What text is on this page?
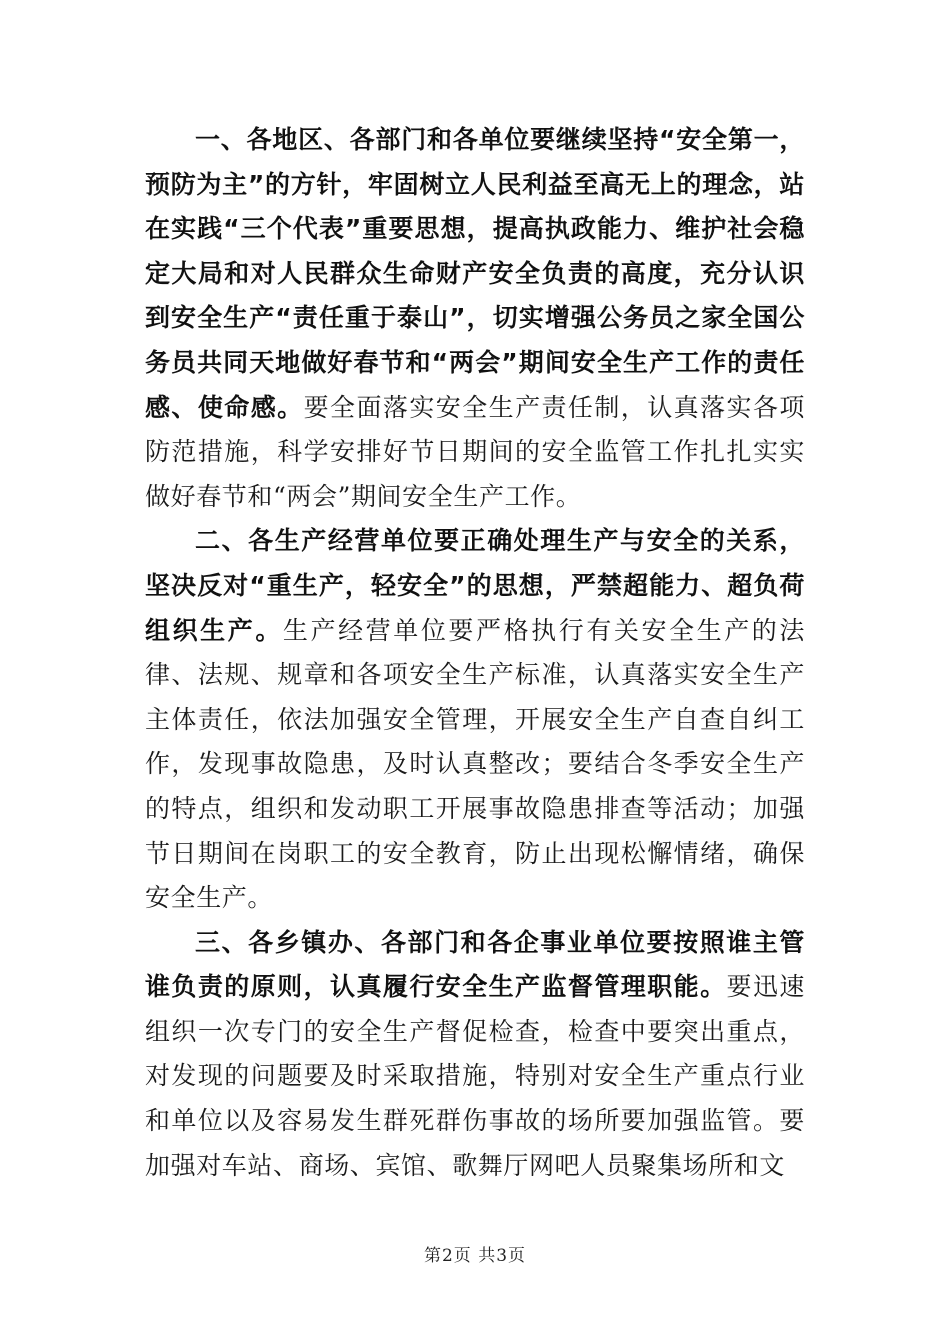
一、各地区、各部门和各单位要继续坚持“安全第一，预防为主”的方针，牢固树立人民利益至高无上的理念，站在实践“三个代表”重要思想，提高执政能力、维护社会稳定大局和对人民群众生命财产安全负责的高度，充分认识到安全生产“责任重于泰山”，切实增强公务员之家全国公务员共同天地做好春节和“两会”期间安全生产工作的责任感、使命感。要全面落实安全生产责任制，认真落实各项防范措施，科学安排好节日期间的安全监管工作扎扎实实做好春节和“两会”期间安全生产工作。

二、各生产经营单位要正确处理生产与安全的关系，坚决反对“重生产，轻安全”的思想，严禁超能力、超负荷组织生产。生产经营单位要严格执行有关安全生产的法律、法规、规章和各项安全生产标准，认真落实安全生产主体责任，依法加强安全管理，开展安全生产自查自纠工作，发现事故隐患，及时认真整改；要结合冬季安全生产的特点，组织和发动职工开展事故隐患排查等活动；加强节日期间在岗职工的安全教育，防止出现松懈情绪，确保安全生产。

三、各乡镇办、各部门和各企事业单位要按照谁主管谁负责的原则，认真履行安全生产监督管理职能。要迅速组织一次专门的安全生产督促检查，检查中要突出重点，对发现的问题要及时采取措施，特别对安全生产重点行业和单位以及容易发生群死群伤事故的场所要加强监管。要加强对车站、商场、宾馆、歌舞厅网吧人员聚集场所和文

第2页 共3页
